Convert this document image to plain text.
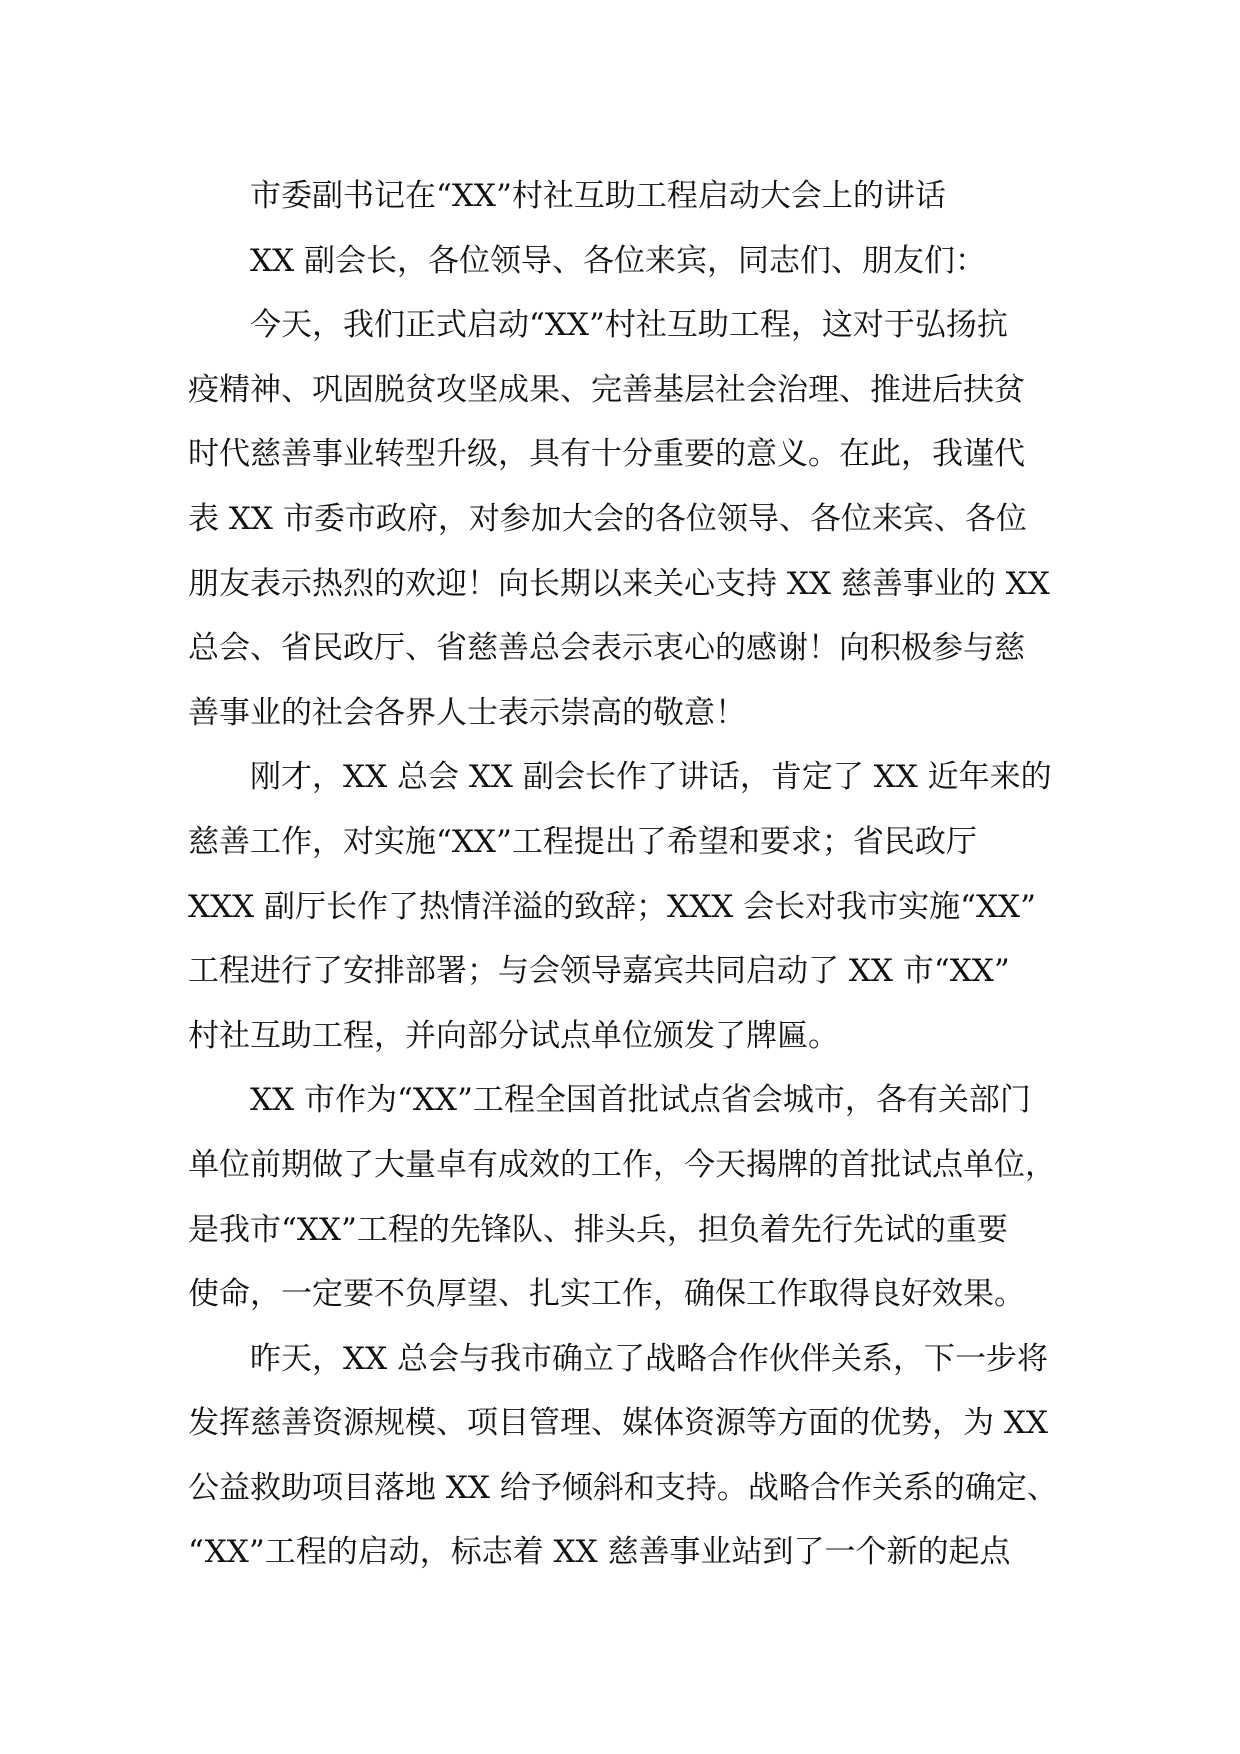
市委副书记在“XX”村社互助工程启动大会上的讲话
XX 副会长，各位领导、各位来宾，同志们、朋友们：
今天，我们正式启动“XX”村社互助工程，这对于弘扬抗
疫精神、巩固脱贫攻坚成果、完善基层社会治理、推进后扶贫
时代慈善事业转型升级，具有十分重要的意义。在此，我谨代
表 XX 市委市政府，对参加大会的各位领导、各位来宾、各位
朋友表示热烈的欢迎！向长期以来关心支持 XX 慈善事业的 XX
总会、省民政厅、省慈善总会表示衷心的感谢！向积极参与慈
善事业的社会各界人士表示崇高的敬意！
刚才，XX 总会 XX 副会长作了讲话，肯定了 XX 近年来的
慈善工作，对实施“XX”工程提出了希望和要求；省民政厅
XXX 副厅长作了热情洋溢的致辞；XXX 会长对我市实施“XX”
工程进行了安排部署；与会领导嘉宾共同启动了 XX 市“XX”
村社互助工程，并向部分试点单位颁发了牌匾。
XX 市作为“XX”工程全国首批试点省会城市，各有关部门
单位前期做了大量卓有成效的工作，今天揭牌的首批试点单位，
是我市“XX”工程的先锋队、排头兵，担负着先行先试的重要
使命，一定要不负厚望、扎实工作，确保工作取得良好效果。
昨天，XX 总会与我市确立了战略合作伙伴关系，下一步将
发挥慈善资源规模、项目管理、媒体资源等方面的优势，为 XX
公益救助项目落地 XX 给予倾斜和支持。战略合作关系的确定、
“XX”工程的启动，标志着 XX 慈善事业站到了一个新的起点
